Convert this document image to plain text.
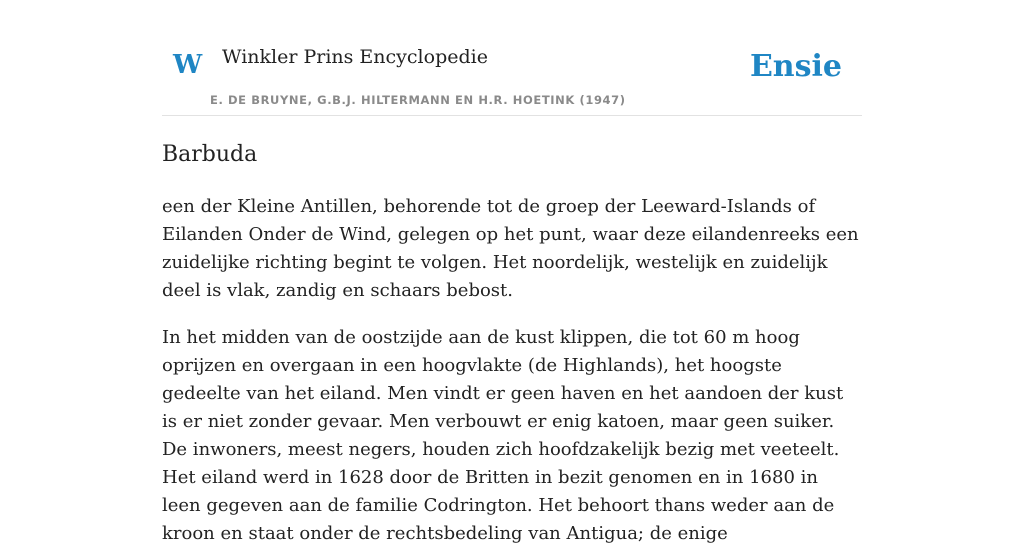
W Winkler Prins Encyclopedie
E. DE BRUYNE, G.B.J. HILTERMANN EN H.R. HOETINK (1947)
Ensie
Barbuda

een der Kleine Antillen, behorende tot de groep der Leeward-Islands of Eilanden Onder de Wind, gelegen op het punt, waar deze eilandenreeks een zuidelijke richting begint te volgen. Het noordelijk, westelijk en zuidelijk deel is vlak, zandig en schaars bebost.

In het midden van de oostzijde aan de kust klippen, die tot 60 m hoog oprijzen en overgaan in een hoogvlakte (de Highlands), het hoogste gedeelte van het eiland. Men vindt er geen haven en het aandoen der kust is er niet zonder gevaar. Men verbouwt er enig katoen, maar geen suiker. De inwoners, meest negers, houden zich hoofdzakelijk bezig met veeteelt. Het eiland werd in 1628 door de Britten in bezit genomen en in 1680 in leen gegeven aan de familie Codrington. Het behoort thans weder aan de kroon en staat onder de rechtsbedeling van Antigua; de enige
